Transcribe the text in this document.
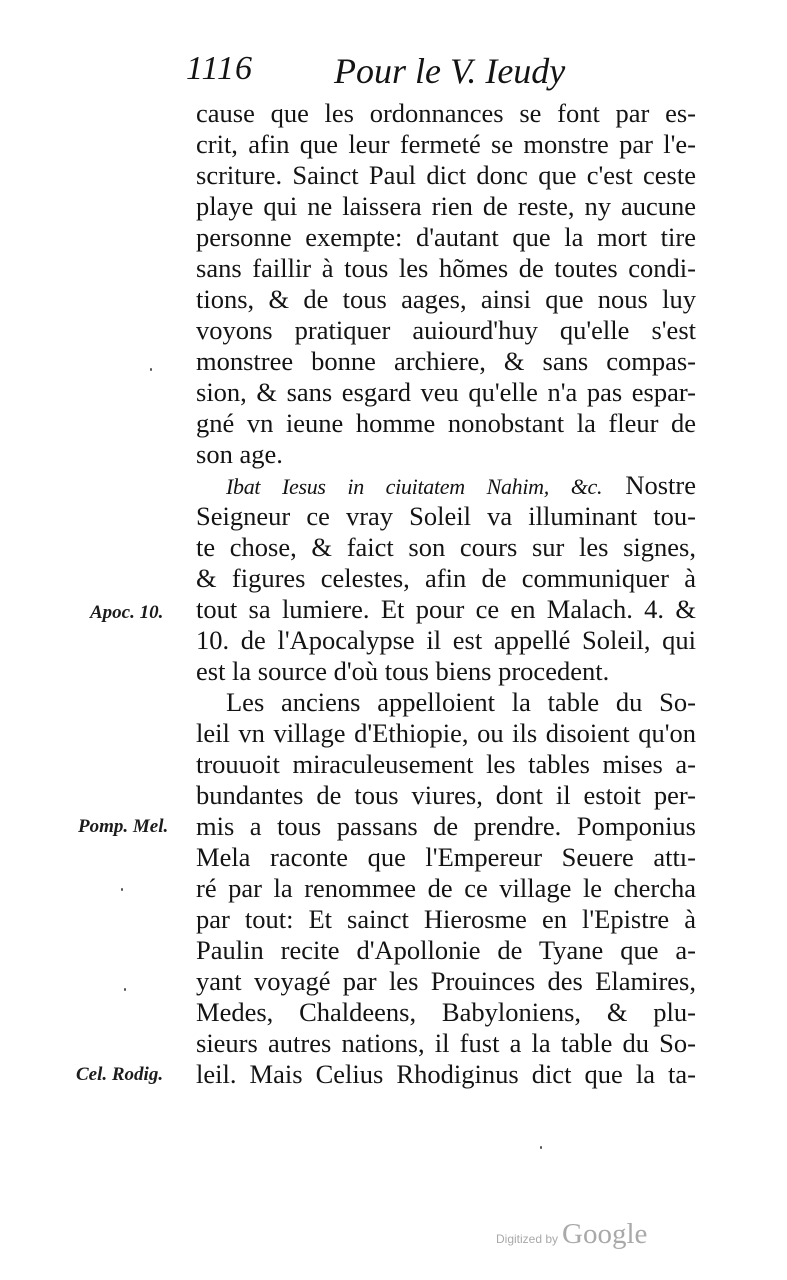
1116 Pour le V. Ieudy
cause que les ordonnances se font par es-
crit, afin que leur fermeté se monstre par l'e-
scriture. Sainct Paul dict donc que c'est ceste
playe qui ne laissera rien de reste, ny aucune
personne exempte: d'autant que la mort tire
sans faillir à tous les hõmes de toutes condi-
tions, & de tous aages, ainsi que nous luy
voyons pratiquer auiourd'huy qu'elle s'est
monstree bonne archiere, & sans compas-
sion, & sans esgard veu qu'elle n'a pas espar-
gné vn ieune homme nonobstant la fleur de
son age.
Ibat Iesus in ciuitatem Nahim, &c. Nostre
Seigneur ce vray Soleil va illuminant tou-
te chose, & faict son cours sur les signes,
& figures celestes, afin de communiquer à
tout sa lumiere. Et pour ce en Malach. 4. &
10. de l'Apocalypse il est appellé Soleil, qui
est la source d'où tous biens procedent.
Les anciens appelloient la table du So-
leil vn village d'Ethiopie, ou ils disoient qu'on
trouuoit miraculeusement les tables mises a-
bundantes de tous viures, dont il estoit per-
mis a tous passans de prendre. Pomponius
Mela raconte que l'Empereur Seuere attı-
ré par la renommee de ce village le chercha
par tout: Et sainct Hierosme en l'Epistre à
Paulin recite d'Apollonie de Tyane que a-
yant voyagé par les Prouinces des Elamires,
Medes, Chaldeens, Babyloniens, & plu-
sieurs autres nations, il fust a la table du So-
leil. Mais Celius Rhodiginus dict que la ta-
Apoc. 10.
Pomp. Mel.
Cel. Rodig.
Digitized by Google
